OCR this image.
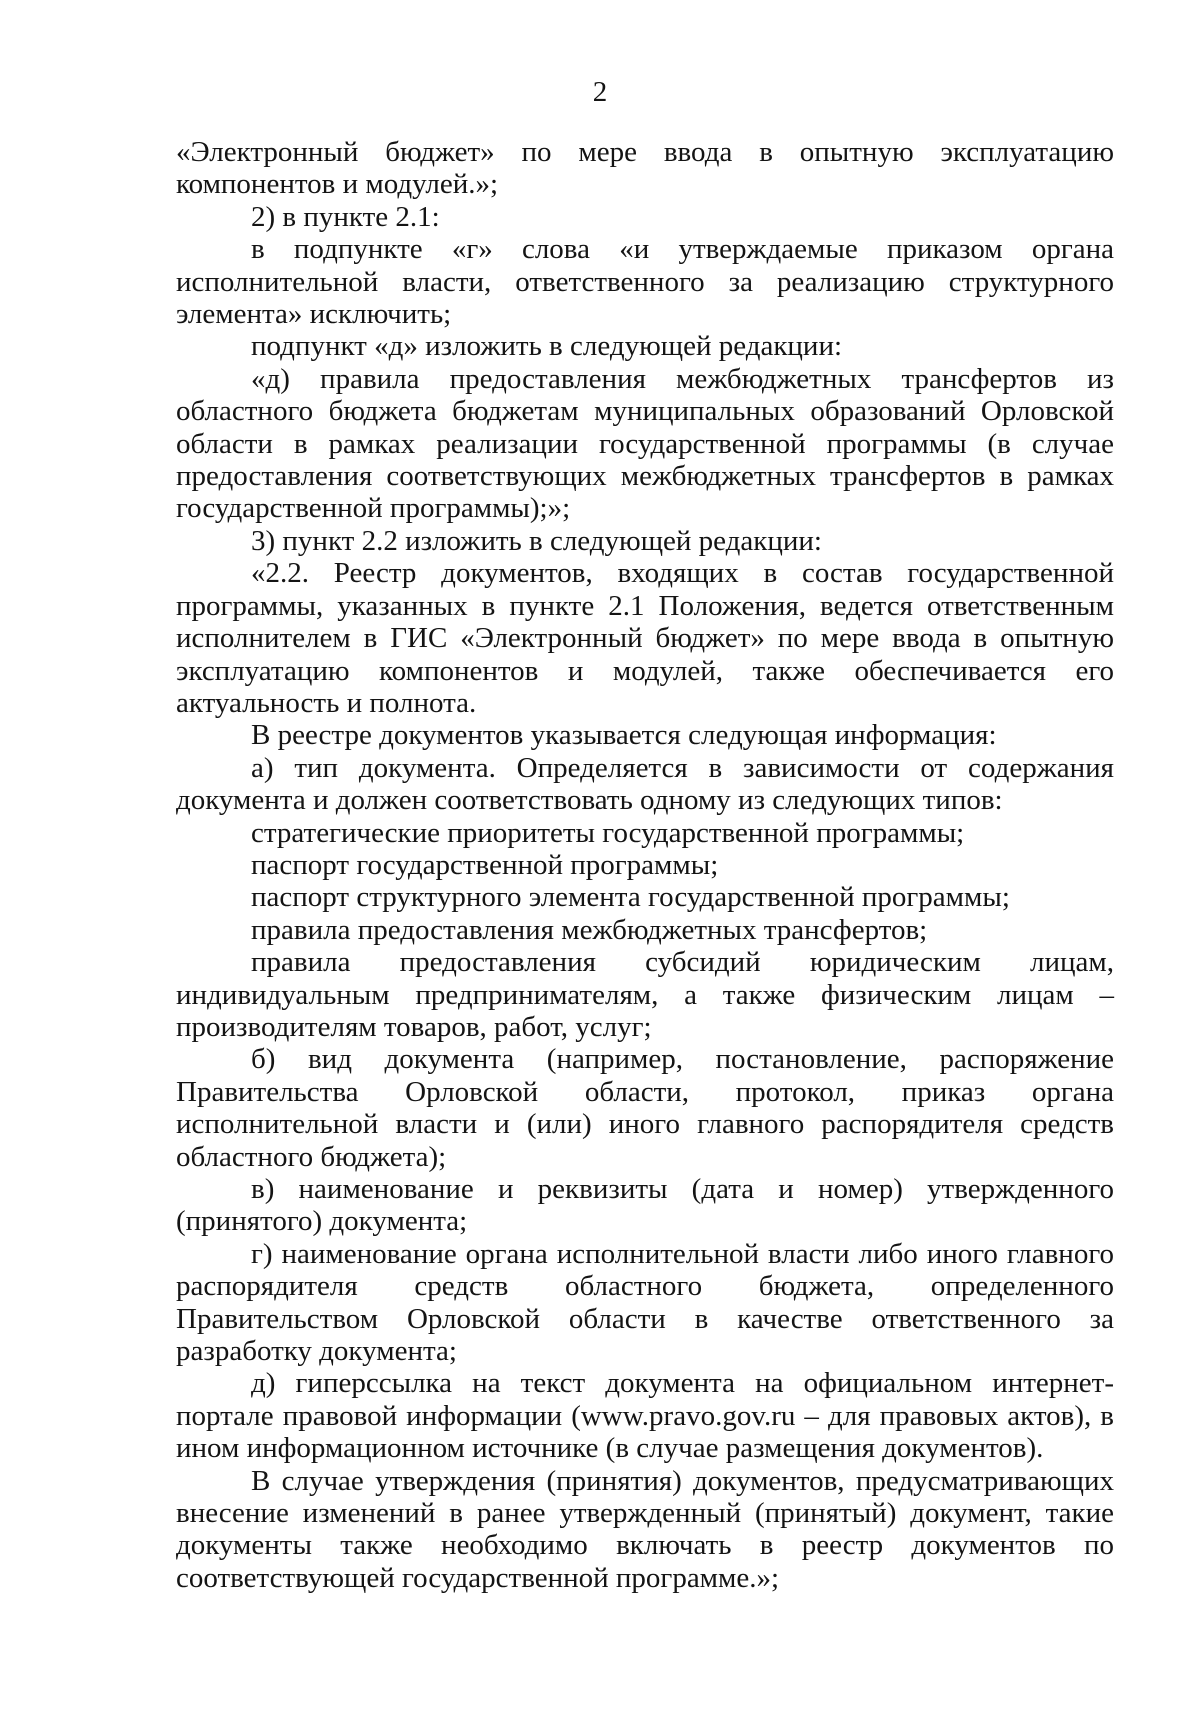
2

«Электронный бюджет» по мере ввода в опытную эксплуатацию компонентов и модулей.»;

2) в пункте 2.1:

в подпункте «г» слова «и утверждаемые приказом органа исполнительной власти, ответственного за реализацию структурного элемента» исключить;

подпункт «д» изложить в следующей редакции:

«д) правила предоставления межбюджетных трансфертов из областного бюджета бюджетам муниципальных образований Орловской области в рамках реализации государственной программы (в случае предоставления соответствующих межбюджетных трансфертов в рамках государственной программы);»;

3) пункт 2.2 изложить в следующей редакции:

«2.2. Реестр документов, входящих в состав государственной программы, указанных в пункте 2.1 Положения, ведется ответственным исполнителем в ГИС «Электронный бюджет» по мере ввода в опытную эксплуатацию компонентов и модулей, также обеспечивается его актуальность и полнота.

В реестре документов указывается следующая информация:

а) тип документа. Определяется в зависимости от содержания документа и должен соответствовать одному из следующих типов:

стратегические приоритеты государственной программы;

паспорт государственной программы;

паспорт структурного элемента государственной программы;

правила предоставления межбюджетных трансфертов;

правила предоставления субсидий юридическим лицам, индивидуальным предпринимателям, а также физическим лицам – производителям товаров, работ, услуг;

б) вид документа (например, постановление, распоряжение Правительства Орловской области, протокол, приказ органа исполнительной власти и (или) иного главного распорядителя средств областного бюджета);

в) наименование и реквизиты (дата и номер) утвержденного (принятого) документа;

г) наименование органа исполнительной власти либо иного главного распорядителя средств областного бюджета, определенного Правительством Орловской области в качестве ответственного за разработку документа;

д) гиперссылка на текст документа на официальном интернет-портале правовой информации (www.pravo.gov.ru – для правовых актов), в ином информационном источнике (в случае размещения документов).

В случае утверждения (принятия) документов, предусматривающих внесение изменений в ранее утвержденный (принятый) документ, такие документы также необходимо включать в реестр документов по соответствующей государственной программе.»;
